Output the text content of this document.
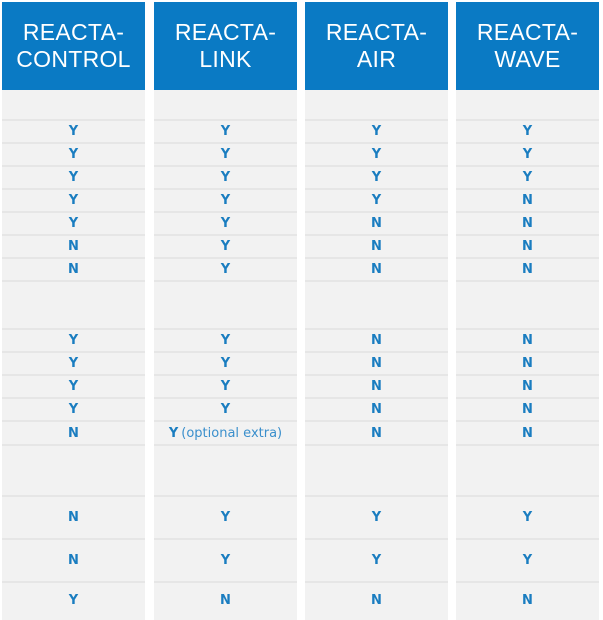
REACTA-
CONTROL
Y
Y
Y
Y
Y
N
N
Y
Y
Y
Y
N
N
N
Y
REACTA-
LINK
Y
Y
Y
Y
Y
Y
Y
Y
Y
Y
Y
Y (optional extra)
Y
Y
N
REACTA-
AIR
Y
Y
Y
Y
N
N
N
N
N
N
N
N
Y
Y
N
REACTA-
WAVE
Y
Y
Y
N
N
N
N
N
N
N
N
N
Y
Y
N
